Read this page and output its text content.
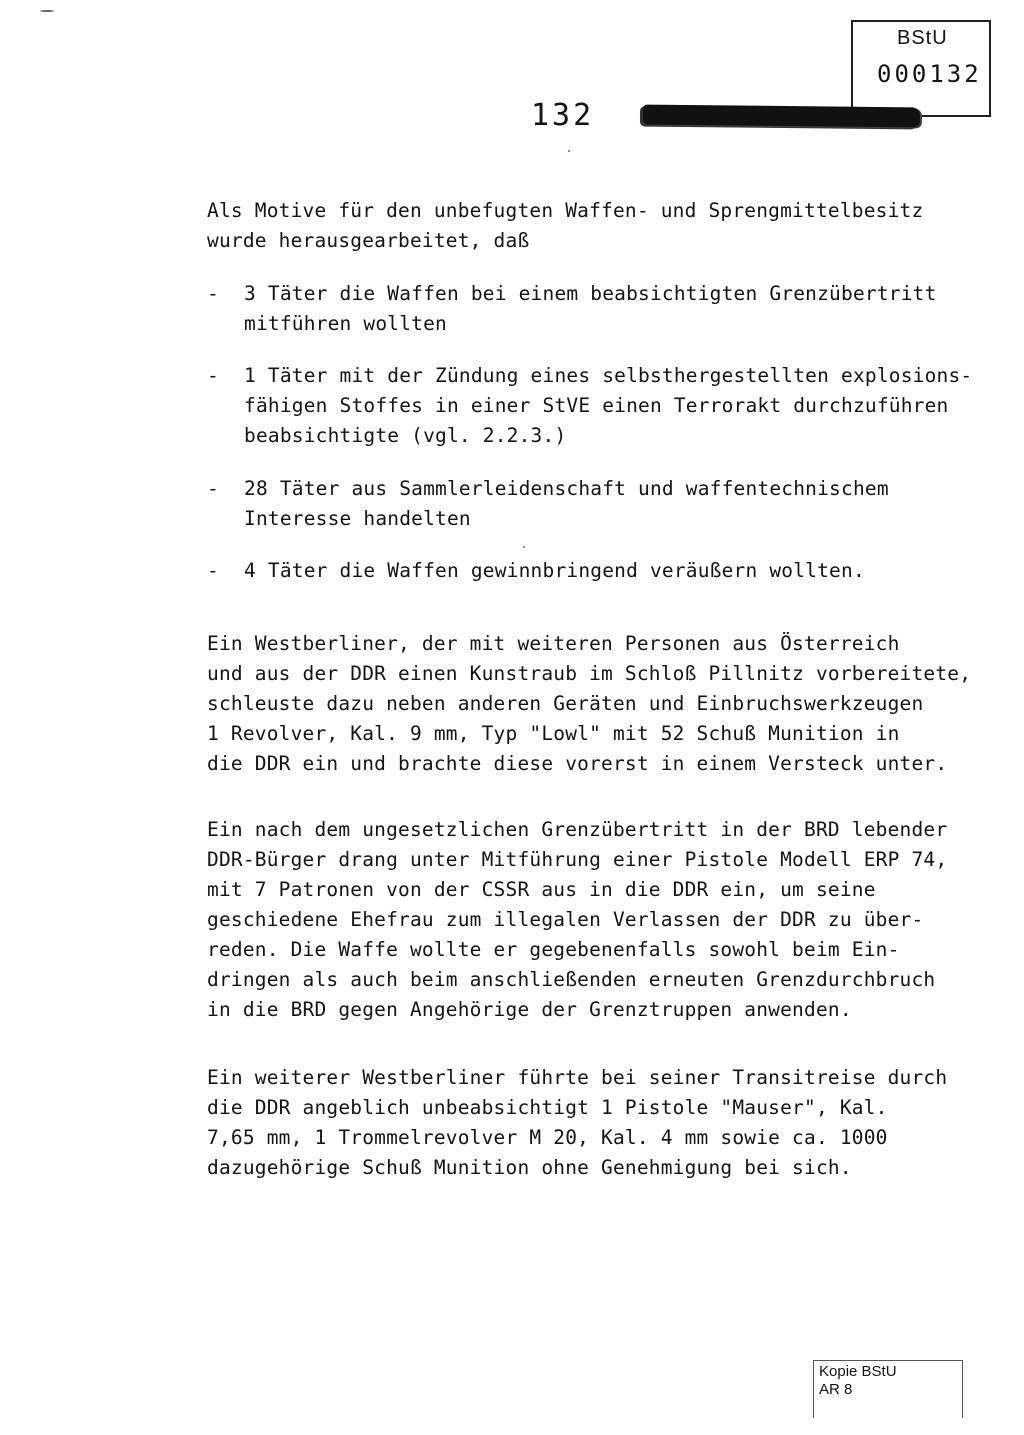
BStU
000132
132
Als Motive für den unbefugten Waffen- und Sprengmittelbesitz
wurde herausgearbeitet, daß
- 3 Täter die Waffen bei einem beabsichtigten Grenzübertritt
mitführen wollten
- 1 Täter mit der Zündung eines selbsthergestellten explosions-
fähigen Stoffes in einer StVE einen Terrorakt durchzuführen
beabsichtigte (vgl. 2.2.3.)
- 28 Täter aus Sammlerleidenschaft und waffentechnischem
Interesse handelten
- 4 Täter die Waffen gewinnbringend veräußern wollten.
Ein Westberliner, der mit weiteren Personen aus Österreich
und aus der DDR einen Kunstraub im Schloß Pillnitz vorbereitete,
schleuste dazu neben anderen Geräten und Einbruchswerkzeugen
1 Revolver, Kal. 9 mm, Typ "Lowl" mit 52 Schuß Munition in
die DDR ein und brachte diese vorerst in einem Versteck unter.
Ein nach dem ungesetzlichen Grenzübertritt in der BRD lebender
DDR-Bürger drang unter Mitführung einer Pistole Modell ERP 74,
mit 7 Patronen von der CSSR aus in die DDR ein, um seine
geschiedene Ehefrau zum illegalen Verlassen der DDR zu über-
reden. Die Waffe wollte er gegebenenfalls sowohl beim Ein-
dringen als auch beim anschließenden erneuten Grenzdurchbruch
in die BRD gegen Angehörige der Grenztruppen anwenden.
Ein weiterer Westberliner führte bei seiner Transitreise durch
die DDR angeblich unbeabsichtigt 1 Pistole "Mauser", Kal.
7,65 mm, 1 Trommelrevolver M 20, Kal. 4 mm sowie ca. 1000
dazugehörige Schuß Munition ohne Genehmigung bei sich.
Kopie BStU
AR 8
